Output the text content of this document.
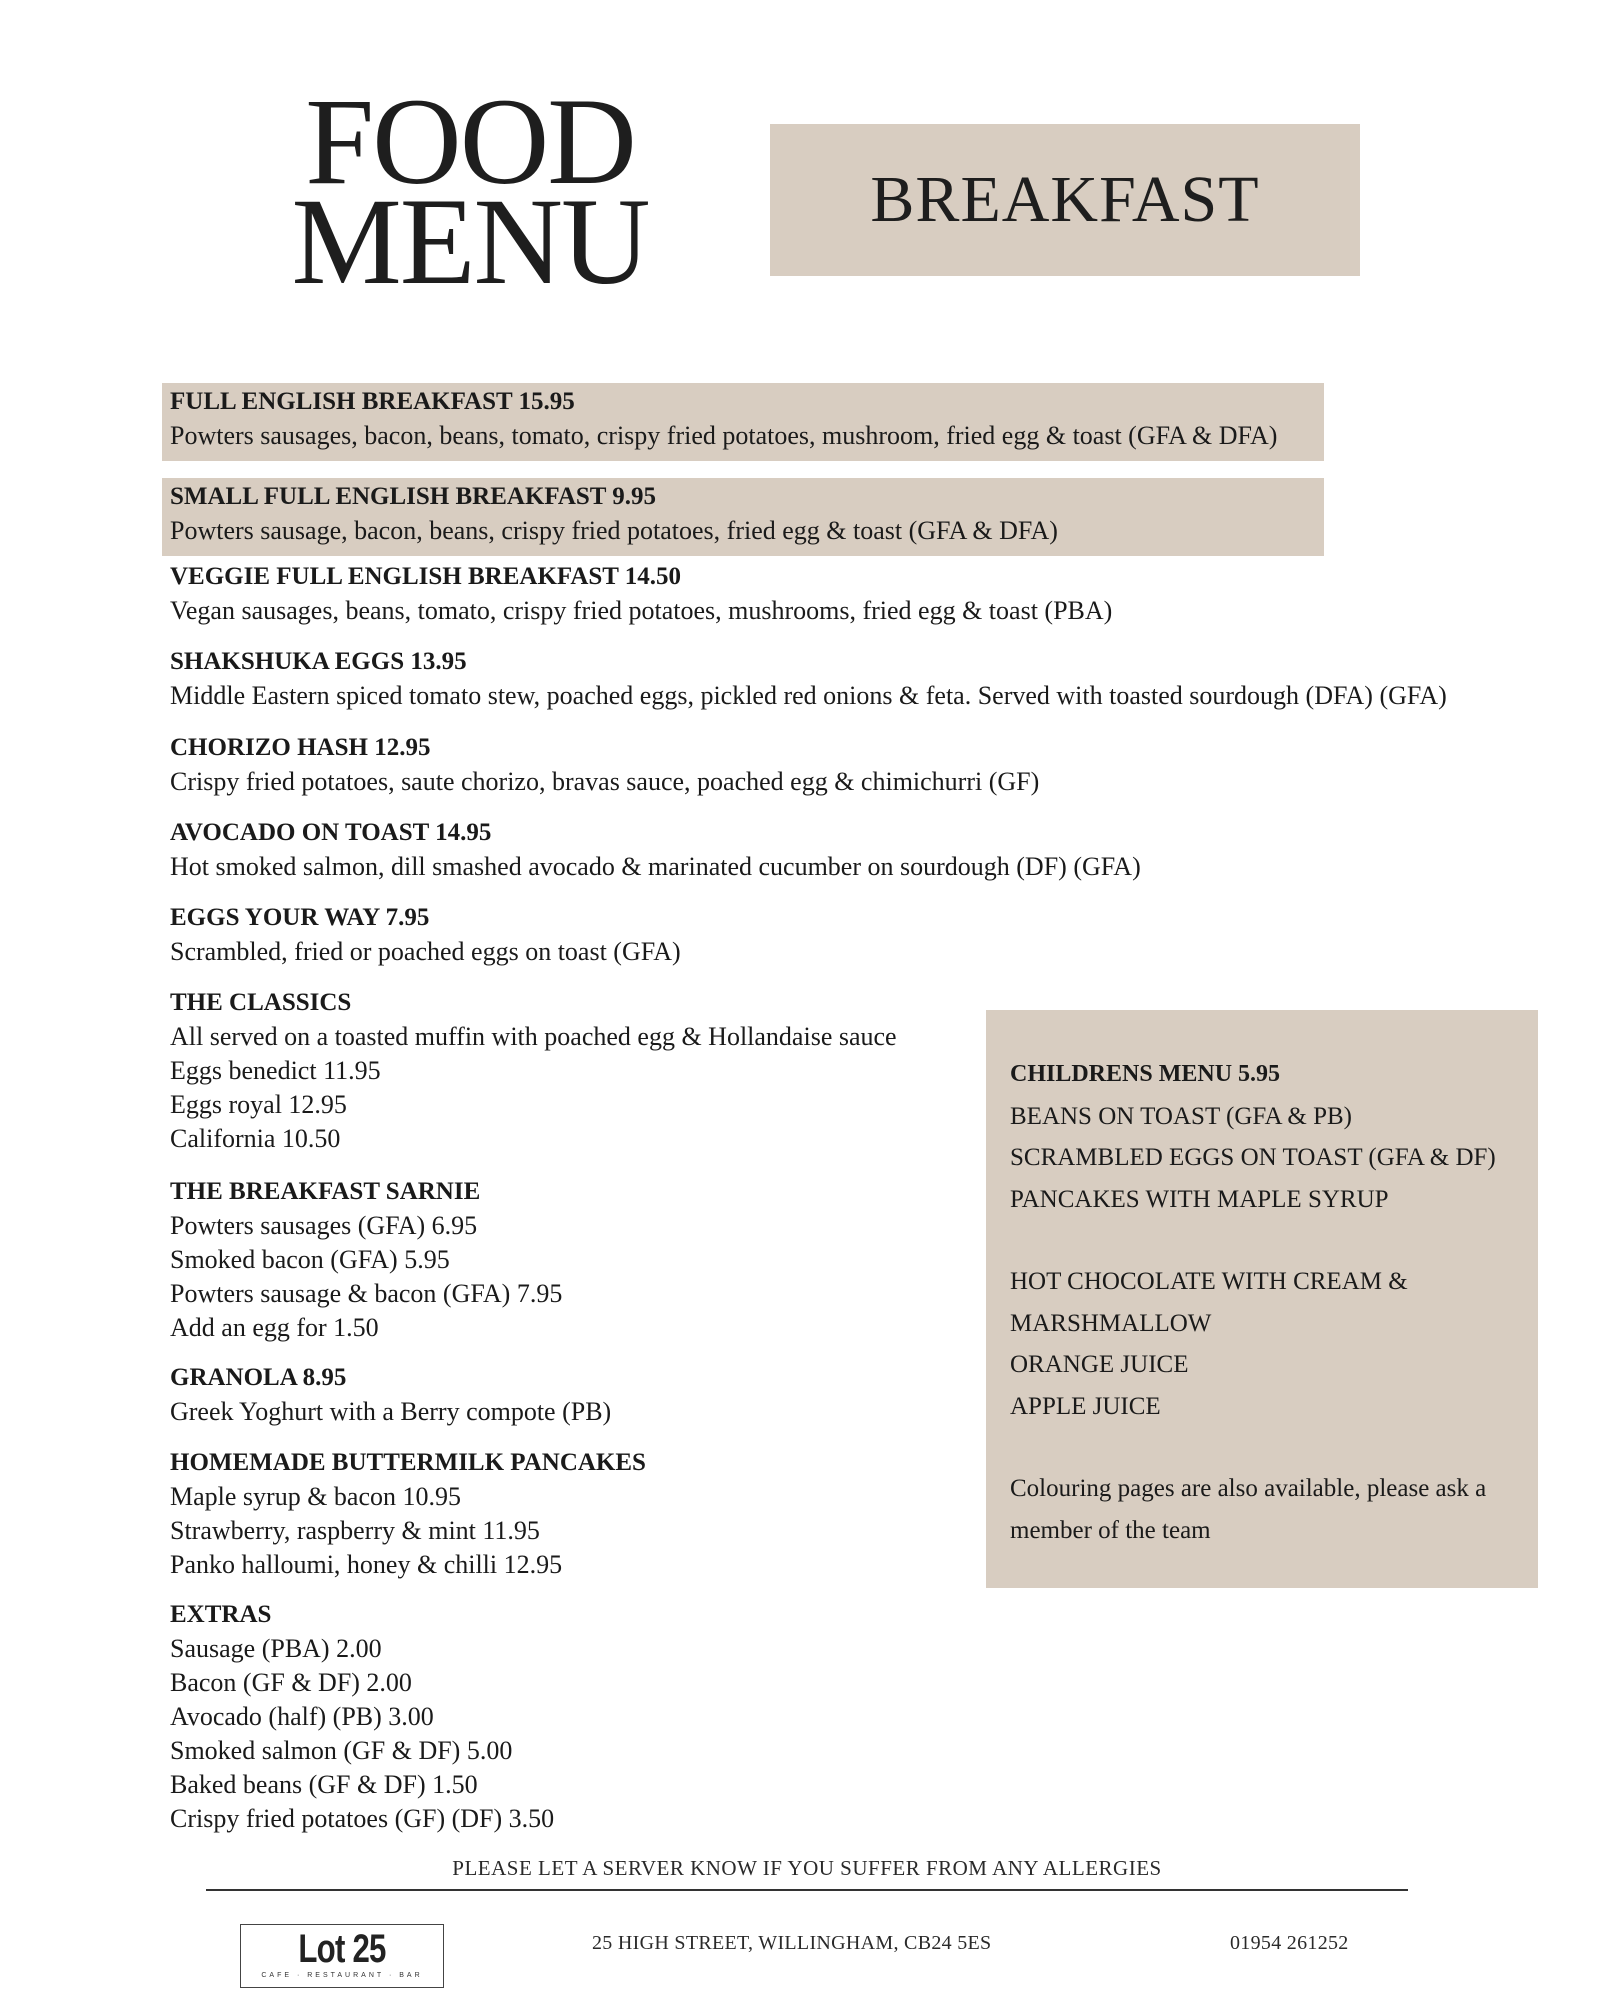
FOOD
MENU	BREAKFAST
FULL ENGLISH BREAKFAST 15.95
Powters sausages, bacon, beans, tomato, crispy fried potatoes, mushroom, fried egg & toast (GFA & DFA)
SMALL FULL ENGLISH BREAKFAST 9.95
Powters sausage, bacon, beans, crispy fried potatoes, fried egg & toast (GFA & DFA)
VEGGIE FULL ENGLISH BREAKFAST 14.50
Vegan sausages, beans, tomato, crispy fried potatoes, mushrooms, fried egg & toast (PBA)
SHAKSHUKA EGGS 13.95
Middle Eastern spiced tomato stew, poached eggs, pickled red onions & feta. Served with toasted sourdough (DFA) (GFA)
CHORIZO HASH 12.95
Crispy fried potatoes, saute chorizo, bravas sauce, poached egg & chimichurri (GF)
AVOCADO ON TOAST 14.95
Hot smoked salmon, dill smashed avocado & marinated cucumber on sourdough (DF) (GFA)
EGGS YOUR WAY 7.95
Scrambled, fried or poached eggs on toast (GFA)
THE CLASSICS
All served on a toasted muffin with poached egg & Hollandaise sauce
Eggs benedict 11.95
Eggs royal 12.95
California 10.50
THE BREAKFAST SARNIE
Powters sausages (GFA) 6.95
Smoked bacon (GFA) 5.95
Powters sausage & bacon (GFA) 7.95
Add an egg for 1.50
GRANOLA 8.95
Greek Yoghurt with a Berry compote (PB)
HOMEMADE BUTTERMILK PANCAKES
Maple syrup & bacon 10.95
Strawberry, raspberry & mint 11.95
Panko halloumi, honey & chilli 12.95
EXTRAS
Sausage (PBA) 2.00
Bacon (GF & DF) 2.00
Avocado (half) (PB) 3.00
Smoked salmon (GF & DF) 5.00
Baked beans (GF & DF) 1.50
Crispy fried potatoes (GF) (DF) 3.50
CHILDRENS MENU 5.95
BEANS ON TOAST (GFA & PB)
SCRAMBLED EGGS ON TOAST (GFA & DF)
PANCAKES WITH MAPLE SYRUP
HOT CHOCOLATE WITH CREAM &
MARSHMALLOW
ORANGE JUICE
APPLE JUICE
Colouring pages are also available, please ask a
member of the team
PLEASE LET A SERVER KNOW IF YOU SUFFER FROM ANY ALLERGIES
Lot 25
CAFE · RESTAURANT · BAR
25 HIGH STREET, WILLINGHAM, CB24 5ES	01954 261252
